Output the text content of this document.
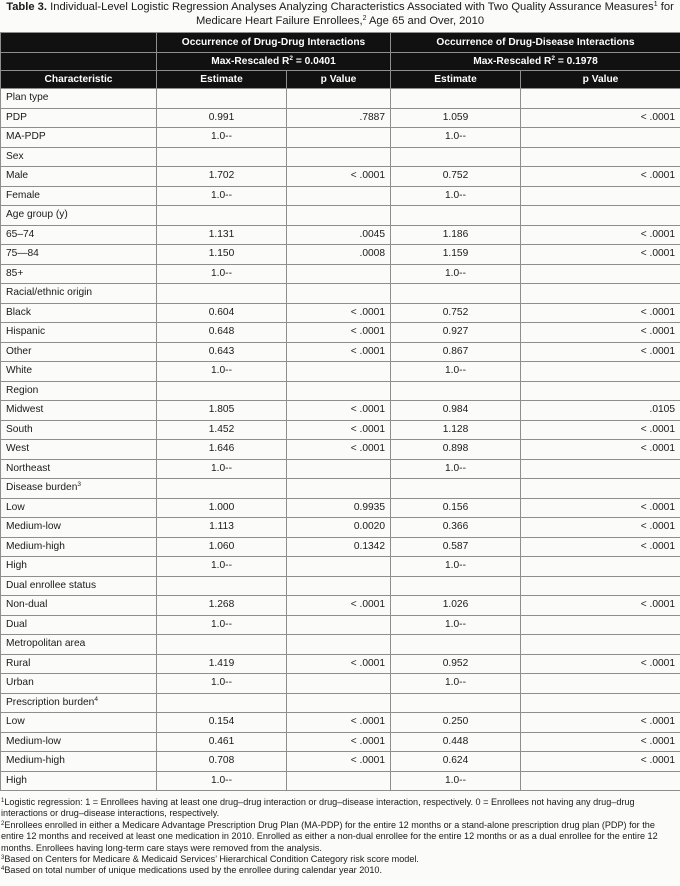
Table 3. Individual-Level Logistic Regression Analyses Analyzing Characteristics Associated with Two Quality Assurance Measures$^1$ for Medicare Heart Failure Enrollees,$^2$ Age 65 and Over, 2010
	Occurrence of Drug-Drug Interactions		Occurrence of Drug-Disease Interactions	
	Max-Rescaled $R^2 = 0.0401$		Max-Rescaled $R^2 = 0.1978$	
Characteristic	Estimate	p Value	Estimate	p Value
Plan type				
PDP	0.991	.7887	1.059	< .0001
MA-PDP	1.0--		1.0--	
Sex				
Male	1.702	< .0001	0.752	< .0001
Female	1.0--		1.0--	
Age group (y)				
65–74	1.131	.0045	1.186	< .0001
75—84	1.150	.0008	1.159	< .0001
85+	1.0--		1.0--	
Racial/ethnic origin				
Black	0.604	< .0001	0.752	< .0001
Hispanic	0.648	< .0001	0.927	< .0001
Other	0.643	< .0001	0.867	< .0001
White	1.0--		1.0--	
Region				
Midwest	1.805	< .0001	0.984	.0105
South	1.452	< .0001	1.128	< .0001
West	1.646	< .0001	0.898	< .0001
Northeast	1.0--		1.0--	
Disease burden$^3$				
Low	1.000	0.9935	0.156	< .0001
Medium-low	1.113	0.0020	0.366	< .0001
Medium-high	1.060	0.1342	0.587	< .0001
High	1.0--		1.0--	
Dual enrollee status				
Non-dual	1.268	< .0001	1.026	< .0001
Dual	1.0--		1.0--	
Metropolitan area				
Rural	1.419	< .0001	0.952	< .0001
Urban	1.0--		1.0--	
Prescription burden$^4$				
Low	0.154	< .0001	0.250	< .0001
Medium-low	0.461	< .0001	0.448	< .0001
Medium-high	0.708	< .0001	0.624	< .0001
High	1.0--		1.0--	

$^1$Logistic regression: 1 = Enrollees having at least one drug–drug interaction or drug–disease interaction, respectively. 0 = Enrollees not having any drug–drug interactions or drug–disease interactions, respectively.

$^2$Enrollees enrolled in either a Medicare Advantage Prescription Drug Plan (MA-PDP) for the entire 12 months or a stand-alone prescription drug plan (PDP) for the entire 12 months and received at least one medication in 2010. Enrolled as either a non-dual enrollee for the entire 12 months or as a dual enrollee for the entire 12 months. Enrollees having long-term care stays were removed from the analysis.

$^3$Based on Centers for Medicare & Medicaid Services’ Hierarchical Condition Category risk score model.

$^4$Based on total number of unique medications used by the enrollee during calendar year 2010.
